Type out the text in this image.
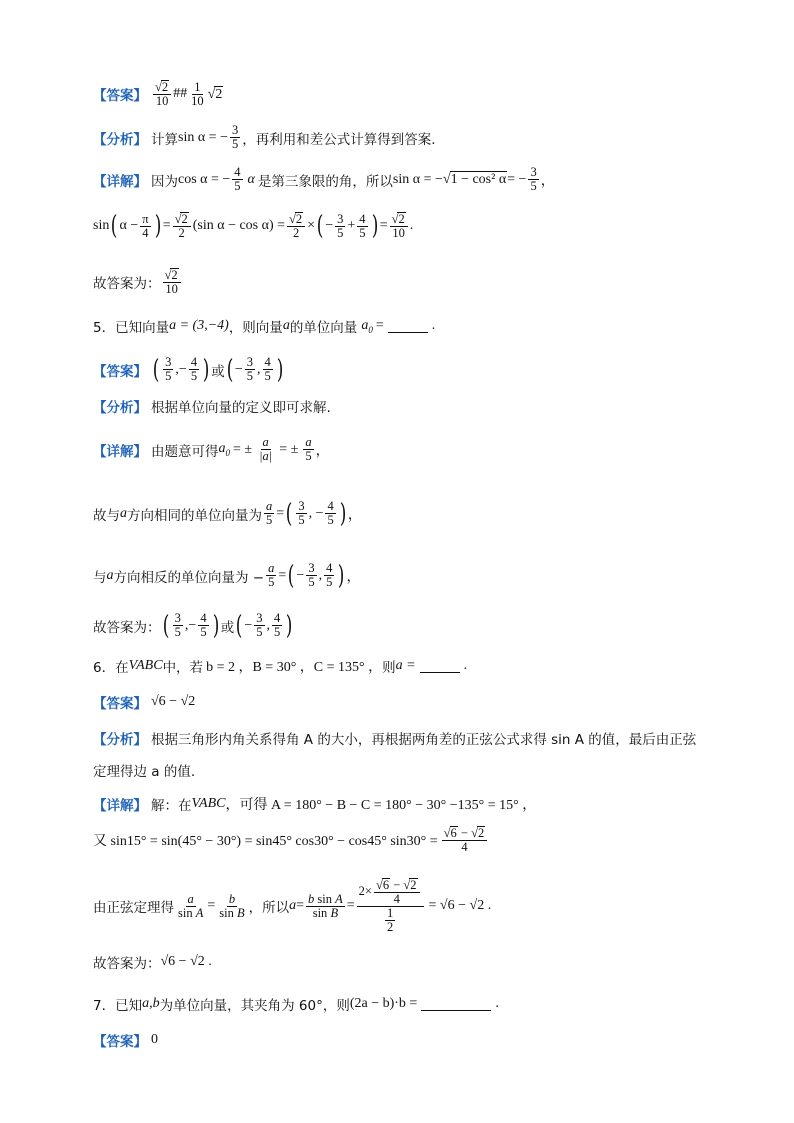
【答案】 $\frac{√2}{10}$ ## $\frac{1}{10} √2$
【分析】 计算 sin α = − $\frac{3}{5}$ ，再利用和差公式计算得到答案.
【详解】 因为 cos α = − $\frac{4}{5}$ α 是第三象限的角，所以 sin α = − √1 − cos² α = − $\frac{3}{5}$ ，
sin ( $\alpha - \frac{\pi}{4}$ ) = $\frac{√2}{2} (\sin$ $\alpha - \cos \alpha) = \frac{√2}{2}$ × ( − $\frac{3}{5} + \frac{4}{5}$ ) = $\frac{√2}{10}$ .
故答案为： $\frac{√2}{10}$
5．已知向量 a = (3,−4) ，则向量 a 的单位向量 $a_0$ =	.
【答案】 ( $\frac{3}{5}$ ,− $\frac{4}{5}$ ) 或 ( − $\frac{3}{5}$ , $\frac{4}{5}$ )
【分析】 根据单位向量的定义即可求解.
【详解】 由题意可得 $a_0$ = ± $\frac{a}{|a|}$ = ± $\frac{a}{5}$ ，
故与 a 方向相同的单位向量为 $\frac{a}{5}$ = ( $\frac{3}{5}$ , − $\frac{4}{5}$ ) ，
与 a 方向相反的单位向量为 − $\frac{a}{5}$ = ( − $\frac{3}{5}$ , $\frac{4}{5}$ ) ，
故答案为： ( $\frac{3}{5}$ ,− $\frac{4}{5}$ ) 或 ( − $\frac{3}{5}$ , $\frac{4}{5}$ )
6．在 VABC 中，若 b = 2 ，B = 30° ，C = 135° ， 则 a =	.
【答案】 √6 − √2
【分析】 根据三角形内角关系得角 A 的大小，再根据两角差的正弦公式求得 sin A 的值，最后由正弦
定理得边 a 的值.
【详解】 解：在 VABC ，可得 A = 180° − B − C = 180° − 30° −135° = 15° ，
又 sin15° = sin(45° − 30°) = sin45° cos30° − cos45° $\sin 30^\circ = \frac{√6 - √2}{4}$
由正弦定理得 $\frac{a}{\text{sin A}} = \frac{b}{\text{sin B}}$ ，所以 $a = \frac{\text{b sin A}}{\text{sin B}} = \frac{2\times \frac{√6 - √2}{4}}{\frac{1}{2}} = √6 - √2$ .
故答案为： √6 − √2 .
7．已知 a,b 为单位向量，其夹角为 60°，则 (2a − b)·b =	.
【答案】 0
